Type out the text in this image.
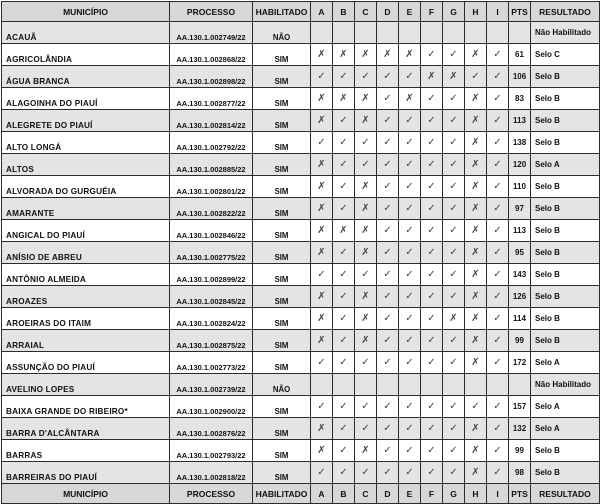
MUNICÍPIO	PROCESSO	HABILITADO	A	B	C	D	E	F	G	H	I	PTS	RESULTADO
ACAUÃ	AA.130.1.002749/22	NÃO											Não Habilitado
AGRICOLÂNDIA	AA.130.1.002868/22	SIM	✗	✗	✗	✗	✗	✓	✓	✗	✓	61	Selo C
ÁGUA BRANCA	AA.130.1.002898/22	SIM	✓	✓	✓	✓	✓	✗	✗	✓	✓	106	Selo B
ALAGOINHA DO PIAUÍ	AA.130.1.002877/22	SIM	✗	✗	✗	✓	✗	✓	✓	✗	✓	83	Selo B
ALEGRETE DO PIAUÍ	AA.130.1.002814/22	SIM	✗	✓	✗	✓	✓	✓	✓	✗	✓	113	Selo B
ALTO LONGÁ	AA.130.1.002792/22	SIM	✓	✓	✓	✓	✓	✓	✓	✗	✓	138	Selo B
ALTOS	AA.130.1.002885/22	SIM	✗	✓	✓	✓	✓	✓	✓	✗	✓	120	Selo A
ALVORADA DO GURGUÉIA	AA.130.1.002801/22	SIM	✗	✓	✗	✓	✓	✓	✓	✗	✓	110	Selo B
AMARANTE	AA.130.1.002822/22	SIM	✗	✓	✗	✓	✓	✓	✓	✗	✓	97	Selo B
ANGICAL DO PIAUÍ	AA.130.1.002846/22	SIM	✗	✗	✗	✓	✓	✓	✓	✗	✓	113	Selo B
ANÍSIO DE ABREU	AA.130.1.002775/22	SIM	✗	✓	✗	✓	✓	✓	✓	✗	✓	95	Selo B
ANTÔNIO ALMEIDA	AA.130.1.002899/22	SIM	✓	✓	✓	✓	✓	✓	✓	✗	✓	143	Selo B
AROAZES	AA.130.1.002845/22	SIM	✗	✓	✗	✓	✓	✓	✓	✗	✓	126	Selo B
AROEIRAS DO ITAIM	AA.130.1.002824/22	SIM	✗	✓	✗	✓	✓	✓	✗	✗	✓	114	Selo B
ARRAIAL	AA.130.1.002875/22	SIM	✗	✓	✗	✓	✓	✓	✓	✗	✓	99	Selo B
ASSUNÇÃO DO PIAUÍ	AA.130.1.002773/22	SIM	✓	✓	✓	✓	✓	✓	✓	✗	✓	172	Selo A
AVELINO LOPES	AA.130.1.002739/22	NÃO											Não Habilitado
BAIXA GRANDE DO RIBEIRO*	AA.130.1.002900/22	SIM	✓	✓	✓	✓	✓	✓	✓	✓	✓	157	Selo A
BARRA D'ALCÂNTARA	AA.130.1.002876/22	SIM	✗	✓	✓	✓	✓	✓	✓	✗	✓	132	Selo A
BARRAS	AA.130.1.002793/22	SIM	✗	✓	✗	✓	✓	✓	✓	✗	✓	99	Selo B
BARREIRAS DO PIAUÍ	AA.130.1.002818/22	SIM	✓	✓	✓	✓	✓	✓	✓	✗	✓	98	Selo B
MUNICÍPIO	PROCESSO	HABILITADO	A	B	C	D	E	F	G	H	I	PTS	RESULTADO
